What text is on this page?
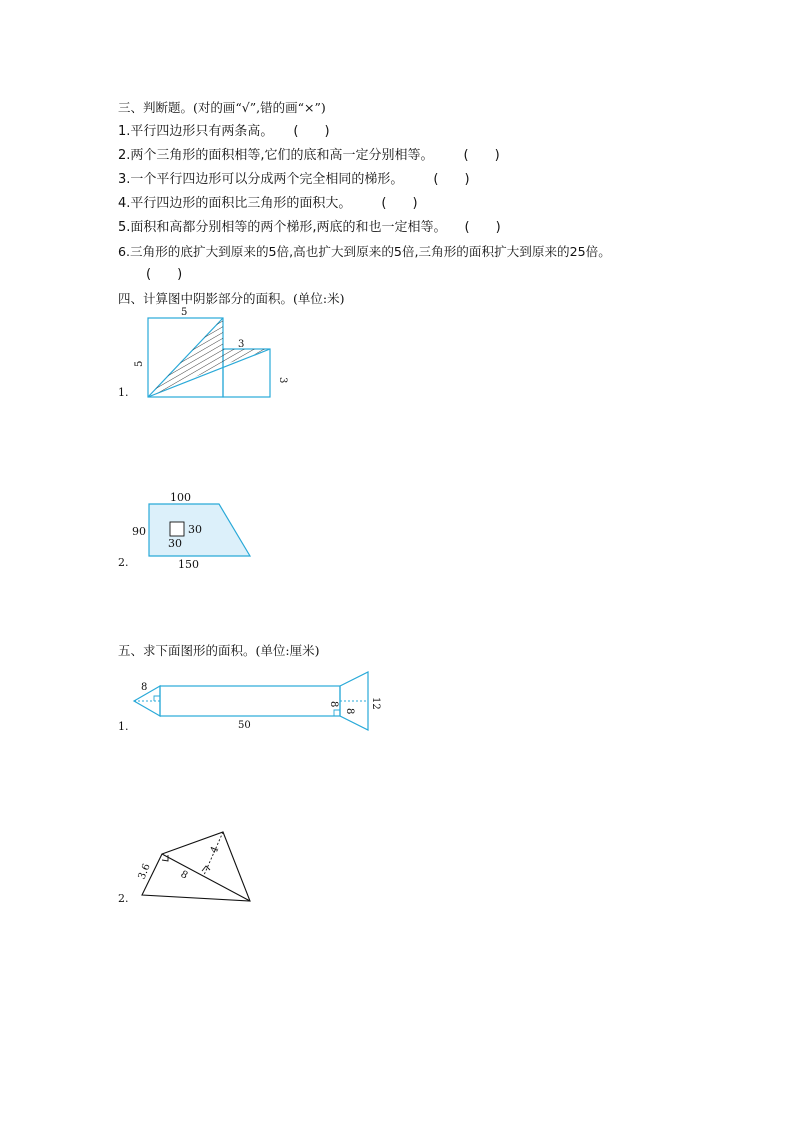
三、判断题。(对的画“√”,错的画“×”)
1.平行四边形只有两条高。 (　　)
2.两个三角形的面积相等,它们的底和高一定分别相等。 (　　)
3.一个平行四边形可以分成两个完全相同的梯形。 (　　)
4.平行四边形的面积比三角形的面积大。 (　　)
5.面积和高都分别相等的两个梯形,两底的和也一定相等。 (　　)
6.三角形的底扩大到原来的5倍,高也扩大到原来的5倍,三角形的面积扩大到原来的25倍。
(　　)
四、计算图中阴影部分的面积。(单位:米)
1.
5
5
3
3
2.
100
90	30
30
150
五、求下面图形的面积。(单位:厘米)
1.
8
50
8
8
12
2.
3.6	8
4
